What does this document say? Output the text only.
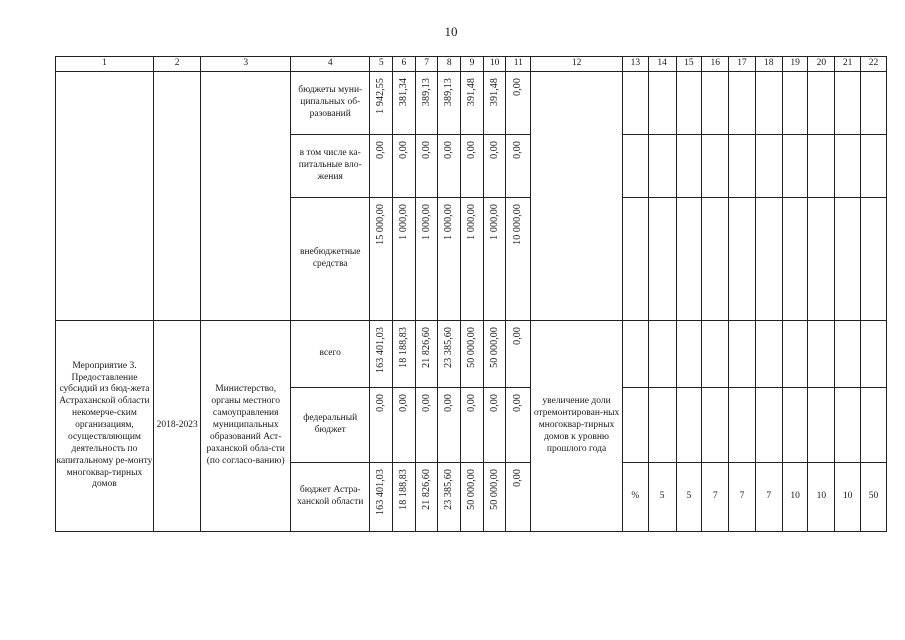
10
1	2	3	4	5	6	7	8	9	10	11	12	13	14	15	16	17	18	19	20	21	22
			бюджеты муни-ципальных об-разований	1 942,55	381,34	389,13	389,13	391,48	391,48	0,00											

			в том числе ка-питальные вло-жения	0,00	0,00	0,00	0,00	0,00	0,00	0,00											

			внебюджетные средства	15 000,00	1 000,00	1 000,00	1 000,00	1 000,00	1 000,00	10 000,00											

Мероприятие 3. Предоставление субсидий из бюд-жета Астраханской области некомерче-ским организациям, осуществляющим деятельность по капитальному ре-монту многоквар-тирных домов	2018-2023	Министерство, органы местного самоуправления муниципальных образований Аст-раханской обла-сти (по согласо-ванию)	всего	163 401,03	18 188,83	21 826,60	23 385,60	50 000,00	50 000,00	0,00	увеличение доли отремонтирован-ных многоквар-тирных домов к уровню прошлого года										
			федеральный бюджет	0,00	0,00	0,00	0,00	0,00	0,00	0,00											

			бюджет Астра-ханской области	163 401,03	18 188,83	21 826,60	23 385,60	50 000,00	50 000,00	0,00		%	5	5	7	7	7	10	10	10	50
